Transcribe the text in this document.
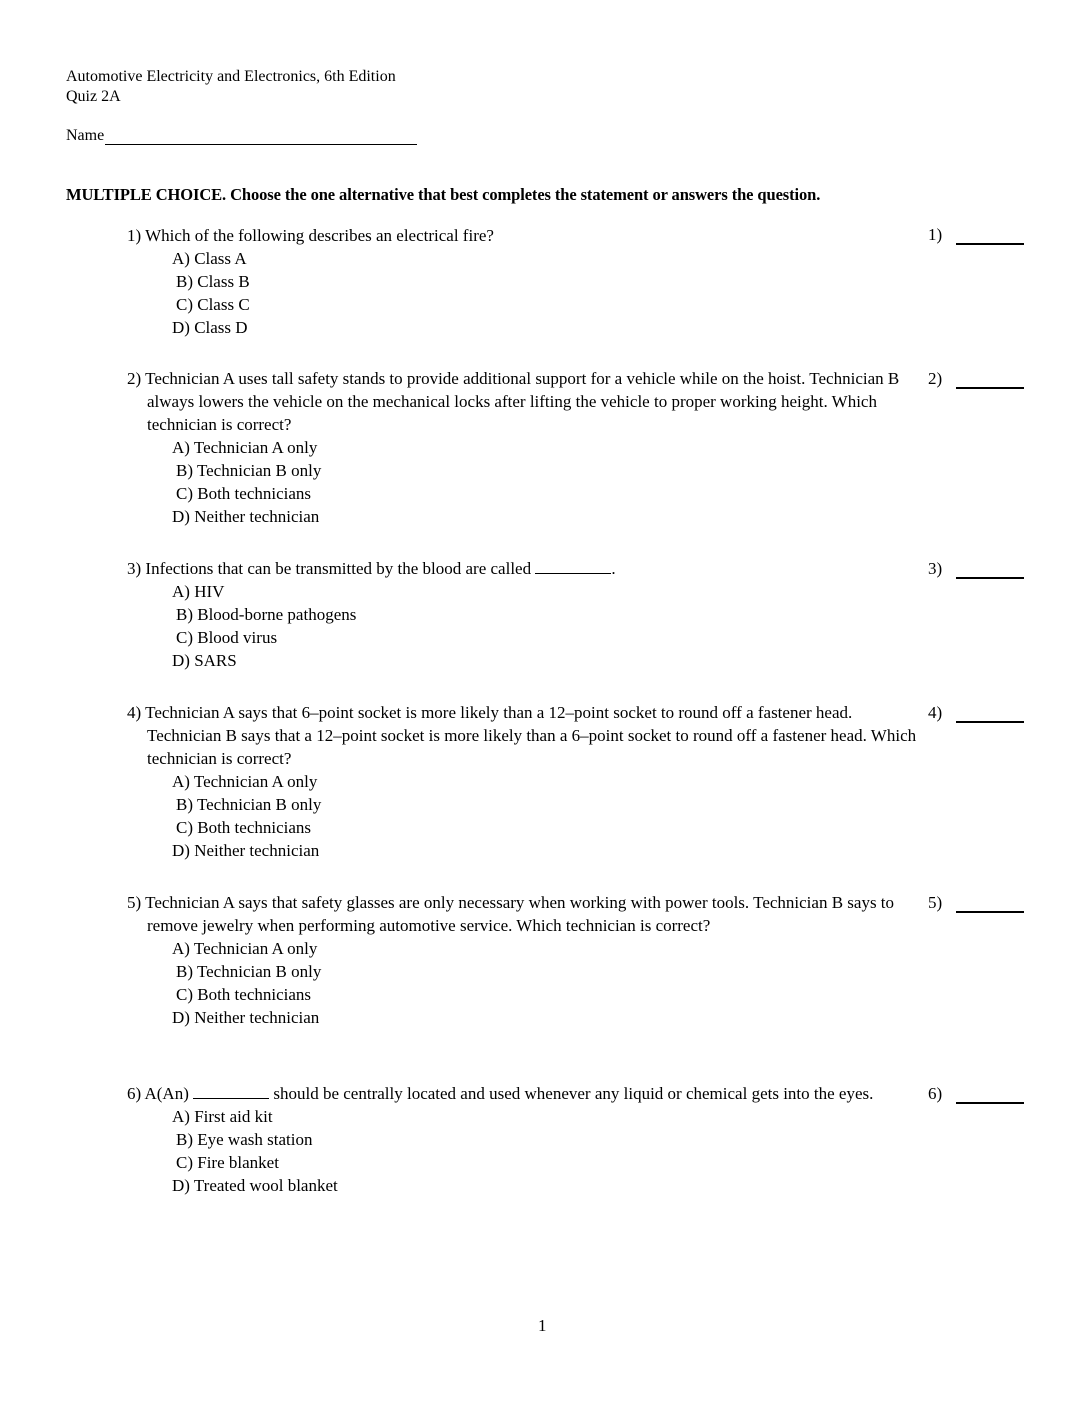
Automotive Electricity and Electronics, 6th Edition
Quiz 2A
Name
MULTIPLE CHOICE. Choose the one alternative that best completes the statement or answers the question.
1) Which of the following describes an electrical fire?
A) Class A
B) Class B
C) Class C
D) Class D
1)
2) Technician A uses tall safety stands to provide additional support for a vehicle while on the hoist. Technician B always lowers the vehicle on the mechanical locks after lifting the vehicle to proper working height. Which technician is correct?
A) Technician A only
B) Technician B only
C) Both technicians
D) Neither technician
2)
3) Infections that can be transmitted by the blood are called	.
A) HIV
B) Blood-borne pathogens
C) Blood virus
D) SARS
3)
4) Technician A says that 6–point socket is more likely than a 12–point socket to round off a fastener head. Technician B says that a 12–point socket is more likely than a 6–point socket to round off a fastener head. Which technician is correct?
A) Technician A only
B) Technician B only
C) Both technicians
D) Neither technician
4)
5) Technician A says that safety glasses are only necessary when working with power tools. Technician B says to remove jewelry when performing automotive service. Which technician is correct?
A) Technician A only
B) Technician B only
C) Both technicians
D) Neither technician
5)
6) A(An)	should be centrally located and used whenever any liquid or chemical gets into the eyes.
A) First aid kit
B) Eye wash station
C) Fire blanket
D) Treated wool blanket
6)
1
